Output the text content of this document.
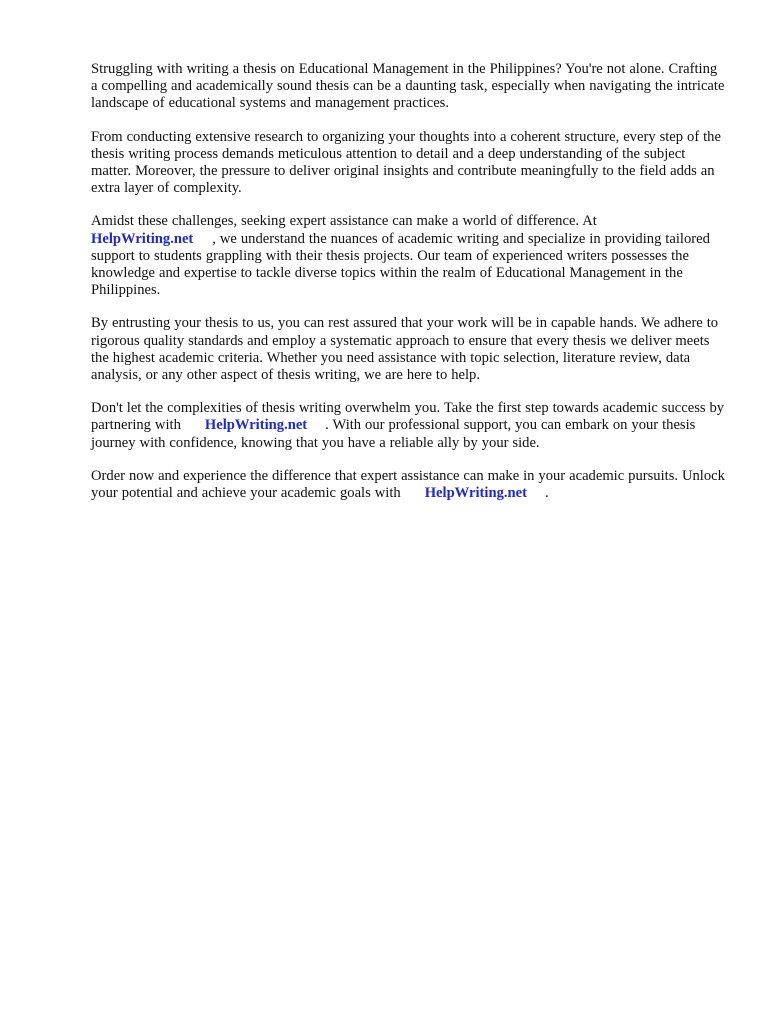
Struggling with writing a thesis on Educational Management in the Philippines? You're not alone. Crafting a compelling and academically sound thesis can be a daunting task, especially when navigating the intricate landscape of educational systems and management practices.

From conducting extensive research to organizing your thoughts into a coherent structure, every step of the thesis writing process demands meticulous attention to detail and a deep understanding of the subject matter. Moreover, the pressure to deliver original insights and contribute meaningfully to the field adds an extra layer of complexity.

Amidst these challenges, seeking expert assistance can make a world of difference. At
HelpWriting.net , we understand the nuances of academic writing and specialize in providing tailored support to students grappling with their thesis projects. Our team of experienced writers possesses the knowledge and expertise to tackle diverse topics within the realm of Educational Management in the Philippines.

By entrusting your thesis to us, you can rest assured that your work will be in capable hands. We adhere to rigorous quality standards and employ a systematic approach to ensure that every thesis we deliver meets the highest academic criteria. Whether you need assistance with topic selection, literature review, data analysis, or any other aspect of thesis writing, we are here to help.

Don't let the complexities of thesis writing overwhelm you. Take the first step towards academic success by partnering with HelpWriting.net . With our professional support, you can embark on your thesis journey with confidence, knowing that you have a reliable ally by your side.

Order now and experience the difference that expert assistance can make in your academic pursuits. Unlock your potential and achieve your academic goals with HelpWriting.net .
